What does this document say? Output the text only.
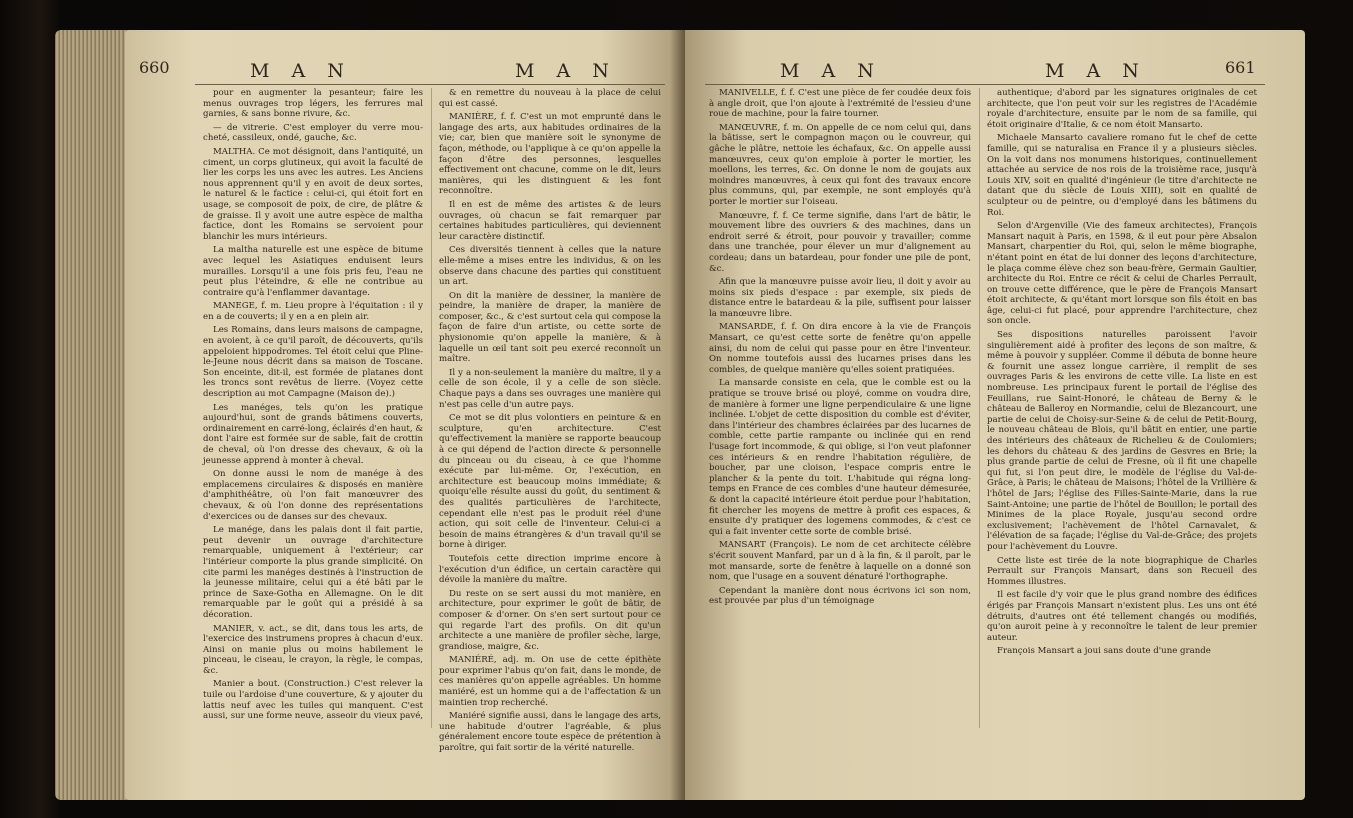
660	M A N	M A N

pour en augmenter la pesanteur; faire les menus ouvrages trop légers, les ferrures mal garnies, & sans bonne rivure, &c.

— de vitrerie. C'est employer du verre mou-cheté, cassileux, ondé, gauche, &c.

MALTHA. Ce mot désignoit, dans l'antiquité, un ciment, un corps glutineux, qui avoit la faculté de lier les corps les uns avec les autres. Les Anciens nous apprennent qu'il y en avoit de deux sortes, le naturel & le factice : celui-ci, qui étoit fort en usage, se composoit de poix, de cire, de plâtre & de graisse. Il y avoit une autre espèce de maltha factice, dont les Romains se servoient pour blanchir les murs intérieurs.

La maltha naturelle est une espèce de bitume avec lequel les Asiatiques enduisent leurs murailles. Lorsqu'il a une fois pris feu, l'eau ne peut plus l'éteindre, & elle ne contribue au contraire qu'à l'enflammer davantage.

MANEGE, f. m. Lieu propre à l'équitation : il y en a de couverts; il y en a en plein air.

Les Romains, dans leurs maisons de campagne, en avoient, à ce qu'il paroît, de découverts, qu'ils appeloient hippodromes. Tel étoit celui que Pline-le-Jeune nous décrit dans sa maison de Toscane. Son enceinte, dit-il, est formée de platanes dont les troncs sont revêtus de lierre. (Voyez cette description au mot Campagne (Maison de).)

Les manéges, tels qu'on les pratique aujourd'hui, sont de grands bâtimens couverts, ordinairement en carré-long, éclairés d'en haut, & dont l'aire est formée sur de sable, fait de crottin de cheval, où l'on dresse des chevaux, & où la jeunesse apprend à monter à cheval.

On donne aussi le nom de manége à des emplacemens circulaires & disposés en manière d'amphithéâtre, où l'on fait manœuvrer des chevaux, & où l'on donne des représentations d'exercices ou de danses sur des chevaux.

Le manége, dans les palais dont il fait partie, peut devenir un ouvrage d'architecture remarquable, uniquement à l'extérieur; car l'intérieur comporte la plus grande simplicité. On cite parmi les manéges destinés à l'instruction de la jeunesse militaire, celui qui a été bâti par le prince de Saxe-Gotha en Allemagne. On le dit remarquable par le goût qui a présidé à sa décoration.

MANIER, v. act., se dit, dans tous les arts, de l'exercice des instrumens propres à chacun d'eux. Ainsi on manie plus ou moins habilement le pinceau, le ciseau, le crayon, la règle, le compas, &c.

Manier a bout. (Construction.) C'est relever la tuile ou l'ardoise d'une couverture, & y ajouter du lattis neuf avec les tuiles qui manquent. C'est aussi, sur une forme neuve, asseoir du vieux pavé,

& en remettre du nouveau à la place de celui qui est cassé.

MANIÈRE, f. f. C'est un mot emprunté dans le langage des arts, aux habitudes ordinaires de la vie; car, bien que manière soit le synonyme de façon, méthode, ou l'applique à ce qu'on appelle la façon d'être des personnes, lesquelles effectivement ont chacune, comme on le dit, leurs manières, qui les distinguent & les font reconnoître.

Il en est de même des artistes & de leurs ouvrages, où chacun se fait remarquer par certaines habitudes particulières, qui deviennent leur caractère distinctif.

Ces diversités tiennent à celles que la nature elle-même a mises entre les individus, & on les observe dans chacune des parties qui constituent un art.

On dit la manière de dessiner, la manière de peindre, la manière de draper, la manière de composer, &c., & c'est surtout cela qui compose la façon de faire d'un artiste, ou cette sorte de physionomie qu'on appelle la manière, & à laquelle un œil tant soit peu exercé reconnoît un maître.

Il y a non-seulement la manière du maître, il y a celle de son école, il y a celle de son siècle. Chaque pays a dans ses ouvrages une manière qui n'est pas celle d'un autre pays.

Ce mot se dit plus volontiers en peinture & en sculpture, qu'en architecture. C'est qu'effectivement la manière se rapporte beaucoup à ce qui dépend de l'action directe & personnelle du pinceau ou du ciseau, à ce que l'homme exécute par lui-même. Or, l'exécution, en architecture est beaucoup moins immédiate; & quoiqu'elle résulte aussi du goût, du sentiment & des qualités particulières de l'architecte, cependant elle n'est pas le produit réel d'une action, qui soit celle de l'inventeur. Celui-ci a besoin de mains étrangères & d'un travail qu'il se borne à diriger.

Toutefois cette direction imprime encore à l'exécution d'un édifice, un certain caractère qui dévoile la manière du maître.

Du reste on se sert aussi du mot manière, en architecture, pour exprimer le goût de bâtir, de composer & d'orner. On s'en sert surtout pour ce qui regarde l'art des profils. On dit qu'un architecte a une manière de profiler sèche, large, grandiose, maigre, &c.

MANIÉRÉ, adj. m. On use de cette épithète pour exprimer l'abus qu'on fait, dans le monde, de ces manières qu'on appelle agréables. Un homme maniéré, est un homme qui a de l'affectation & un maintien trop recherché.

Maniéré signifie aussi, dans le langage des arts, une habitude d'outrer l'agréable, & plus généralement encore toute espèce de prétention à paroître, qui fait sortir de la vérité naturelle.

M A N	M A N	661

MANIVELLE, f. f. C'est une pièce de fer coudée deux fois à angle droit, que l'on ajoute à l'extrémité de l'essieu d'une roue de machine, pour la faire tourner.

MANŒUVRE, f. m. On appelle de ce nom celui qui, dans la bâtisse, sert le compagnon maçon ou le couvreur, qui gâche le plâtre, nettoie les échafaux, &c. On appelle aussi manœuvres, ceux qu'on emploie à porter le mortier, les moellons, les terres, &c. On donne le nom de goujats aux moindres manœuvres, à ceux qui font des travaux encore plus communs, qui, par exemple, ne sont employés qu'à porter le mortier sur l'oiseau.

Manœuvre, f. f. Ce terme signifie, dans l'art de bâtir, le mouvement libre des ouvriers & des machines, dans un endroit serré & étroit, pour pouvoir y travailler; comme dans une tranchée, pour élever un mur d'alignement au cordeau; dans un batardeau, pour fonder une pile de pont, &c.

Afin que la manœuvre puisse avoir lieu, il doit y avoir au moins six pieds d'espace : par exemple, six pieds de distance entre le batardeau & la pile, suffisent pour laisser la manœuvre libre.

MANSARDE, f. f. On dira encore à la vie de François Mansart, ce qu'est cette sorte de fenêtre qu'on appelle ainsi, du nom de celui qui passe pour en être l'inventeur. On nomme toutefois aussi des lucarnes prises dans les combles, de quelque manière qu'elles soient pratiquées.

La mansarde consiste en cela, que le comble est ou la pratique se trouve brisé ou ployé, comme on voudra dire, de manière à former une ligne perpendiculaire & une ligne inclinée. L'objet de cette disposition du comble est d'éviter, dans l'intérieur des chambres éclairées par des lucarnes de comble, cette partie rampante ou inclinée qui en rend l'usage fort incommode, & qui oblige, si l'on veut plafonner ces intérieurs & en rendre l'habitation régulière, de boucher, par une cloison, l'espace compris entre le plancher & la pente du toit. L'habitude qui régna long-temps en France de ces combles d'une hauteur démesurée, & dont la capacité intérieure étoit perdue pour l'habitation, fit chercher les moyens de mettre à profit ces espaces, & ensuite d'y pratiquer des logemens commodes, & c'est ce qui a fait inventer cette sorte de comble brisé.

MANSART (François). Le nom de cet architecte célèbre s'écrit souvent Manfard, par un d à la fin, & il paroît, par le mot mansarde, sorte de fenêtre à laquelle on a donné son nom, que l'usage en a souvent dénaturé l'orthographe.

Cependant la manière dont nous écrivons ici son nom, est prouvée par plus d'un témoignage

authentique; d'abord par les signatures originales de cet architecte, que l'on peut voir sur les registres de l'Académie royale d'architecture, ensuite par le nom de sa famille, qui étoit originaire d'Italie, & ce nom étoit Mansarto.

Michaele Mansarto cavaliere romano fut le chef de cette famille, qui se naturalisa en France il y a plusieurs siècles. On la voit dans nos monumens historiques, continuellement attachée au service de nos rois de la troisième race, jusqu'à Louis XIV, soit en qualité d'ingénieur (le titre d'architecte ne datant que du siècle de Louis XIII), soit en qualité de sculpteur ou de peintre, ou d'employé dans les bâtimens du Roi.

Selon d'Argenville (Vie des fameux architectes), François Mansart naquit à Paris, en 1598, & il eut pour père Absalon Mansart, charpentier du Roi, qui, selon le même biographe, n'étant point en état de lui donner des leçons d'architecture, le plaça comme élève chez son beau-frère, Germain Gaultier, architecte du Roi. Entre ce récit & celui de Charles Perrault, on trouve cette différence, que le père de François Mansart étoit architecte, & qu'étant mort lorsque son fils étoit en bas âge, celui-ci fut placé, pour apprendre l'architecture, chez son oncle.

Ses dispositions naturelles paroissent l'avoir singulièrement aidé à profiter des leçons de son maître, & même à pouvoir y suppléer. Comme il débuta de bonne heure & fournit une assez longue carrière, il remplit de ses ouvrages Paris & les environs de cette ville. La liste en est nombreuse. Les principaux furent le portail de l'église des Feuillans, rue Saint-Honoré, le château de Berny & le château de Balleroy en Normandie, celui de Blezancourt, une partie de celui de Choisy-sur-Seine & de celui de Petit-Bourg, le nouveau château de Blois, qu'il bâtit en entier, une partie des intérieurs des châteaux de Richelieu & de Coulomiers; les dehors du château & des jardins de Gesvres en Brie; la plus grande partie de celui de Fresne, où il fit une chapelle qui fut, si l'on peut dire, le modèle de l'église du Val-de-Grâce, à Paris; le château de Maisons; l'hôtel de la Vrillière & l'hôtel de Jars; l'église des Filles-Sainte-Marie, dans la rue Saint-Antoine; une partie de l'hôtel de Bouillon; le portail des Minimes de la place Royale, jusqu'au second ordre exclusivement; l'achèvement de l'hôtel Carnavalet, & l'élévation de sa façade; l'église du Val-de-Grâce; des projets pour l'achèvement du Louvre.

Cette liste est tirée de la note biographique de Charles Perrault sur François Mansart, dans son Recueil des Hommes illustres.

Il est facile d'y voir que le plus grand nombre des édifices érigés par François Mansart n'existent plus. Les uns ont été détruits, d'autres ont été tellement changés ou modifiés, qu'on auroit peine à y reconnoître le talent de leur premier auteur.

François Mansart a joui sans doute d'une grande
